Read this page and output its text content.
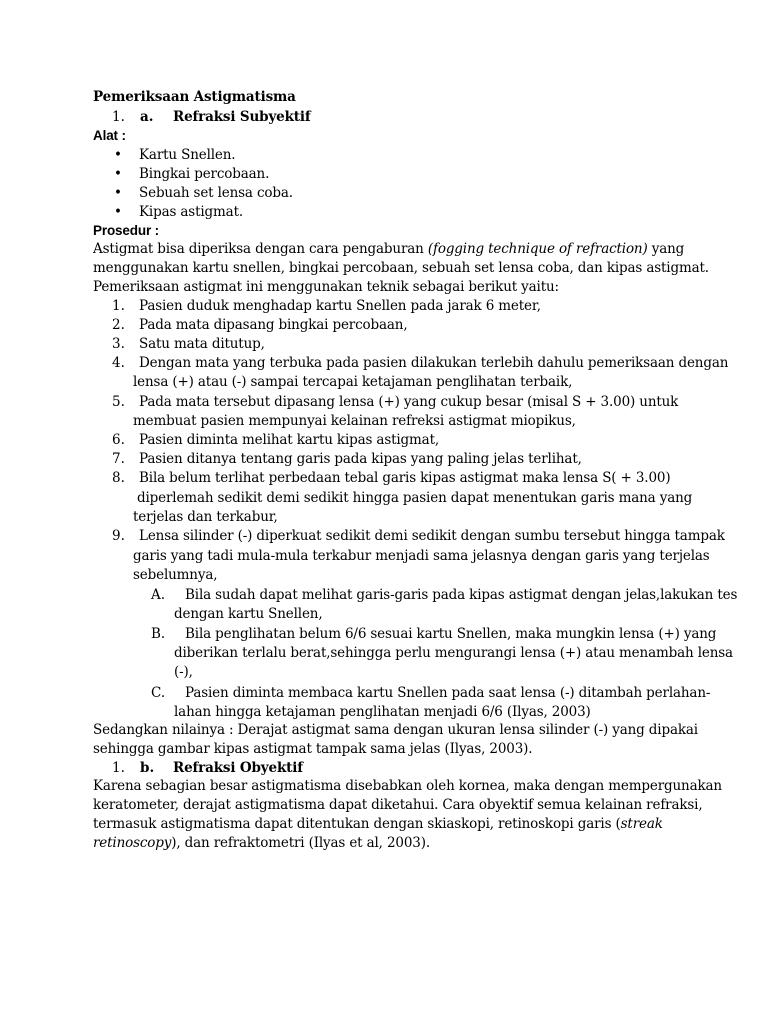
Pemeriksaan Astigmatisma
1. a. Refraksi Subyektif
Alat :
• Kartu Snellen.
• Bingkai percobaan.
• Sebuah set lensa coba.
• Kipas astigmat.
Prosedur :
Astigmat bisa diperiksa dengan cara pengaburan (fogging technique of refraction) yang
menggunakan kartu snellen, bingkai percobaan, sebuah set lensa coba, dan kipas astigmat.
Pemeriksaan astigmat ini menggunakan teknik sebagai berikut yaitu:
1. Pasien duduk menghadap kartu Snellen pada jarak 6 meter,
2. Pada mata dipasang bingkai percobaan,
3. Satu mata ditutup,
4. Dengan mata yang terbuka pada pasien dilakukan terlebih dahulu pemeriksaan dengan
lensa (+) atau (-) sampai tercapai ketajaman penglihatan terbaik,
5. Pada mata tersebut dipasang lensa (+) yang cukup besar (misal S + 3.00) untuk
membuat pasien mempunyai kelainan refreksi astigmat miopikus,
6. Pasien diminta melihat kartu kipas astigmat,
7. Pasien ditanya tentang garis pada kipas yang paling jelas terlihat,
8. Bila belum terlihat perbedaan tebal garis kipas astigmat maka lensa S( + 3.00)
diperlemah sedikit demi sedikit hingga pasien dapat menentukan garis mana yang
terjelas dan terkabur,
9. Lensa silinder (-) diperkuat sedikit demi sedikit dengan sumbu tersebut hingga tampak
garis yang tadi mula-mula terkabur menjadi sama jelasnya dengan garis yang terjelas
sebelumnya,
A. Bila sudah dapat melihat garis-garis pada kipas astigmat dengan jelas,lakukan tes
dengan kartu Snellen,
B. Bila penglihatan belum 6/6 sesuai kartu Snellen, maka mungkin lensa (+) yang
diberikan terlalu berat,sehingga perlu mengurangi lensa (+) atau menambah lensa
(-),
C. Pasien diminta membaca kartu Snellen pada saat lensa (-) ditambah perlahan-
lahan hingga ketajaman penglihatan menjadi 6/6 (Ilyas, 2003)
Sedangkan nilainya : Derajat astigmat sama dengan ukuran lensa silinder (-) yang dipakai
sehingga gambar kipas astigmat tampak sama jelas (Ilyas, 2003).
1. b. Refraksi Obyektif
Karena sebagian besar astigmatisma disebabkan oleh kornea, maka dengan mempergunakan
keratometer, derajat astigmatisma dapat diketahui. Cara obyektif semua kelainan refraksi,
termasuk astigmatisma dapat ditentukan dengan skiaskopi, retinoskopi garis (streak
retinoscopy), dan refraktometri (Ilyas et al, 2003).
